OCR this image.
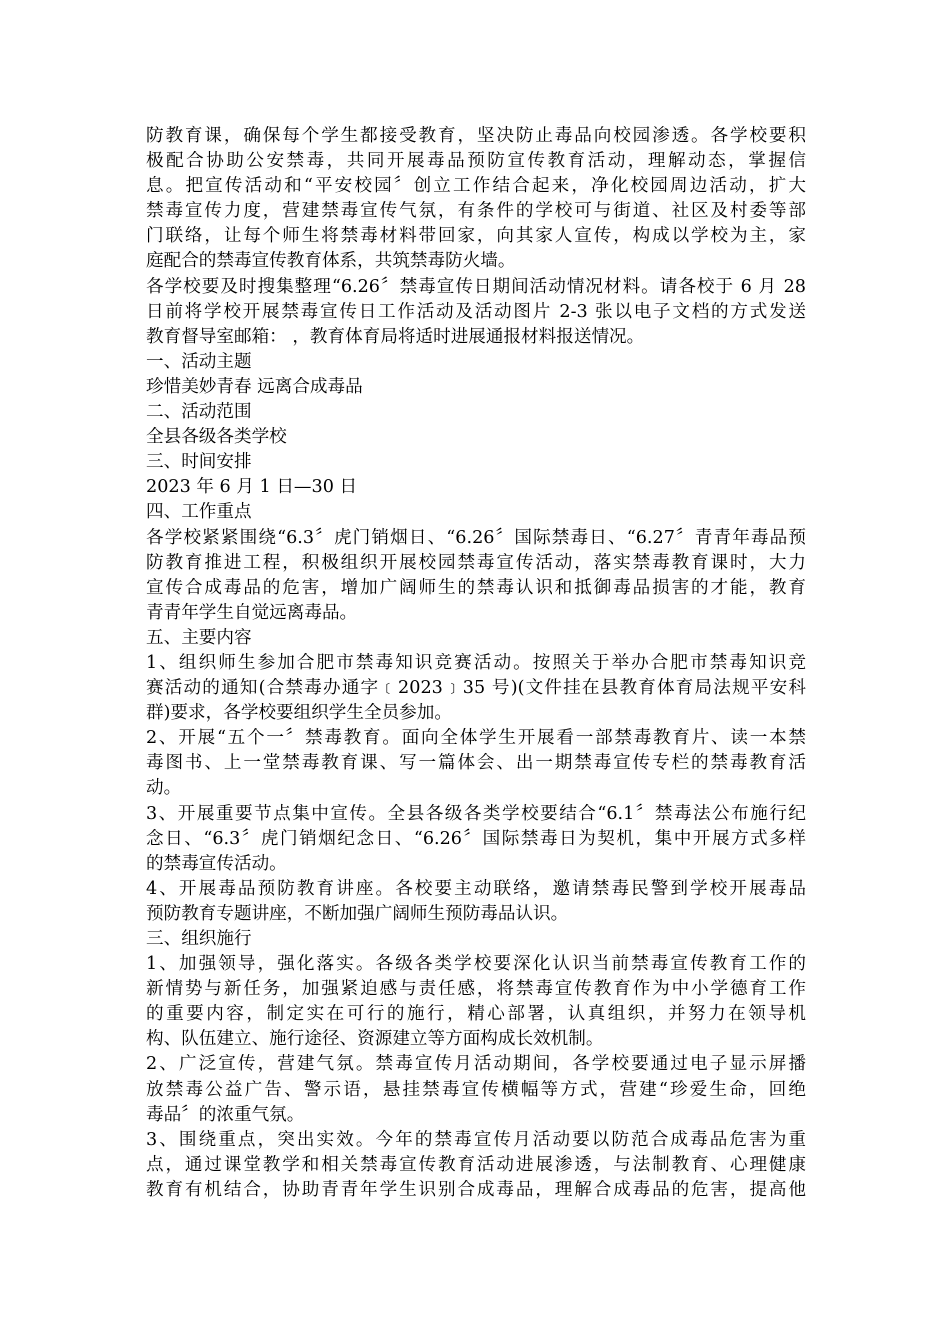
防教育课，确保每个学生都接受教育，坚决防止毒品向校园渗透。各学校要积

极配合协助公安禁毒，共同开展毒品预防宣传教育活动，理解动态，掌握信

息。把宣传活动和“平安校园〞创立工作结合起来，净化校园周边活动，扩大

禁毒宣传力度，营建禁毒宣传气氛，有条件的学校可与街道、社区及村委等部

门联络，让每个师生将禁毒材料带回家，向其家人宣传，构成以学校为主，家

庭配合的禁毒宣传教育体系，共筑禁毒防火墙。

各学校要及时搜集整理“6.26〞禁毒宣传日期间活动情况材料。请各校于 6 月 28

日前将学校开展禁毒宣传日工作活动及活动图片 2-3 张以电子文档的方式发送

教育督导室邮箱： ，教育体育局将适时进展通报材料报送情况。

一、活动主题

珍惜美妙青春 远离合成毒品

二、活动范围

全县各级各类学校

三、时间安排

2023 年 6 月 1 日—30 日

四、工作重点

各学校紧紧围绕“6.3〞虎门销烟日、“6.26〞国际禁毒日、“6.27〞青青年毒品预

防教育推进工程，积极组织开展校园禁毒宣传活动，落实禁毒教育课时，大力

宣传合成毒品的危害，增加广阔师生的禁毒认识和抵御毒品损害的才能，教育

青青年学生自觉远离毒品。

五、主要内容

1、组织师生参加合肥市禁毒知识竞赛活动。按照关于举办合肥市禁毒知识竞

赛活动的通知(合禁毒办通字﹝2023﹞35 号)(文件挂在县教育体育局法规平安科

群)要求，各学校要组织学生全员参加。

2、开展“五个一〞禁毒教育。面向全体学生开展看一部禁毒教育片、读一本禁

毒图书、上一堂禁毒教育课、写一篇体会、出一期禁毒宣传专栏的禁毒教育活

动。

3、开展重要节点集中宣传。全县各级各类学校要结合“6.1〞禁毒法公布施行纪

念日、“6.3〞虎门销烟纪念日、“6.26〞国际禁毒日为契机，集中开展方式多样

的禁毒宣传活动。

4、开展毒品预防教育讲座。各校要主动联络，邀请禁毒民警到学校开展毒品

预防教育专题讲座，不断加强广阔师生预防毒品认识。

三、组织施行

1、加强领导，强化落实。各级各类学校要深化认识当前禁毒宣传教育工作的

新情势与新任务，加强紧迫感与责任感，将禁毒宣传教育作为中小学德育工作

的重要内容，制定实在可行的施行，精心部署，认真组织，并努力在领导机

构、队伍建立、施行途径、资源建立等方面构成长效机制。

2、广泛宣传，营建气氛。禁毒宣传月活动期间，各学校要通过电子显示屏播

放禁毒公益广告、警示语，悬挂禁毒宣传横幅等方式，营建“珍爱生命，回绝

毒品〞的浓重气氛。

3、围绕重点，突出实效。今年的禁毒宣传月活动要以防范合成毒品危害为重

点，通过课堂教学和相关禁毒宣传教育活动进展渗透，与法制教育、心理健康

教育有机结合，协助青青年学生识别合成毒品，理解合成毒品的危害，提高他
